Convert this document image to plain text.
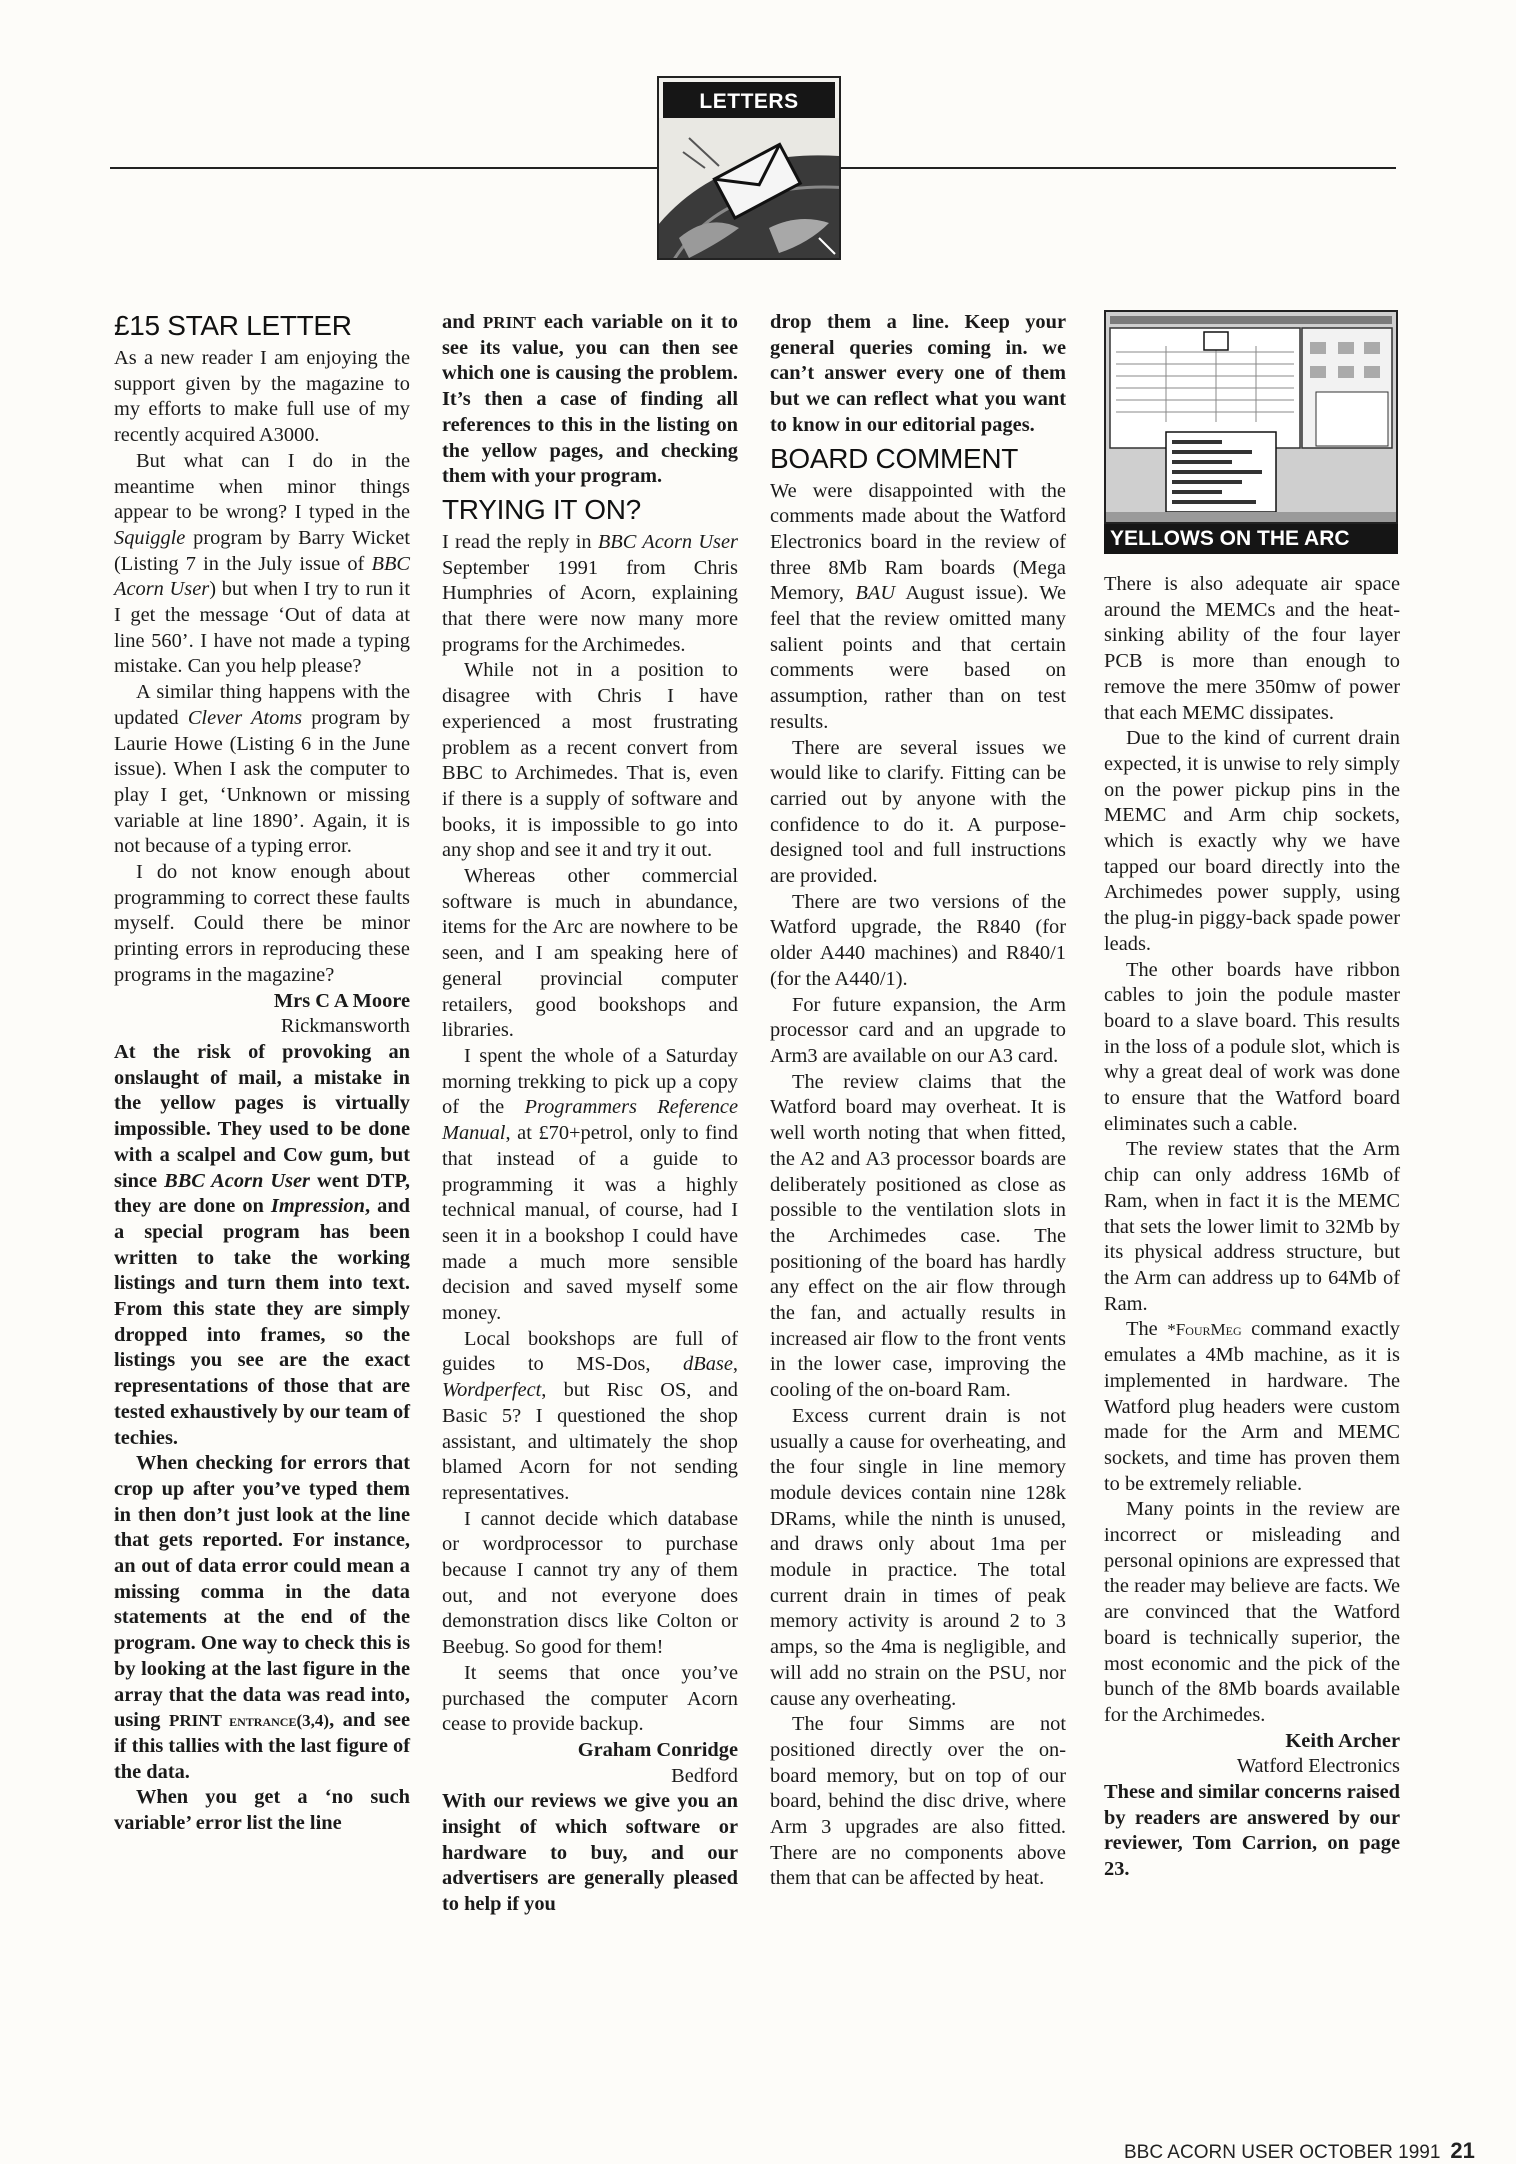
LETTERS
£15 STAR LETTER

As a new reader I am enjoying the support given by the magazine to my efforts to make full use of my recently acquired A3000.

But what can I do in the meantime when minor things appear to be wrong? I typed in the Squiggle program by Barry Wicket (Listing 7 in the July issue of BBC Acorn User) but when I try to run it I get the message ‘Out of data at line 560’. I have not made a typing mistake. Can you help please?

A similar thing happens with the updated Clever Atoms program by Laurie Howe (Listing 6 in the June issue). When I ask the computer to play I get, ‘Unknown or missing variable at line 1890’. Again, it is not because of a typing error.

I do not know enough about programming to correct these faults myself. Could there be minor printing errors in reproducing these programs in the magazine?

Mrs C A Moore

Rickmansworth

At the risk of provoking an onslaught of mail, a mistake in the yellow pages is virtually impossible. They used to be done with a scalpel and Cow gum, but since BBC Acorn User went DTP, they are done on Impression, and a special program has been written to take the working listings and turn them into text. From this state they are simply dropped into frames, so the listings you see are the exact representations of those that are tested exhaustively by our team of techies.

When checking for errors that crop up after you’ve typed them in then don’t just look at the line that gets reported. For instance, an out of data error could mean a missing comma in the data statements at the end of the program. One way to check this is by looking at the last figure in the array that the data was read into, using PRINT entrance(3,4), and see if this tallies with the last figure of the data.

When you get a ‘no such variable’ error list the line

and PRINT each variable on it to see its value, you can then see which one is causing the problem. It’s then a case of finding all references to this in the listing on the yellow pages, and checking them with your program.

TRYING IT ON?

I read the reply in BBC Acorn User September 1991 from Chris Humphries of Acorn, explaining that there were now many more programs for the Archimedes.

While not in a position to disagree with Chris I have experienced a most frustrating problem as a recent convert from BBC to Archimedes. That is, even if there is a supply of software and books, it is impossible to go into any shop and see it and try it out.

Whereas other commercial software is much in abundance, items for the Arc are nowhere to be seen, and I am speaking here of general provincial computer retailers, good bookshops and libraries.

I spent the whole of a Saturday morning trekking to pick up a copy of the Programmers Reference Manual, at £70+petrol, only to find that instead of a guide to programming it was a highly technical manual, of course, had I seen it in a bookshop I could have made a much more sensible decision and saved myself some money.

Local bookshops are full of guides to MS-Dos, dBase, Wordperfect, but Risc OS, and Basic 5? I questioned the shop assistant, and ultimately the shop blamed Acorn for not sending representatives.

I cannot decide which database or wordprocessor to purchase because I cannot try any of them out, and not everyone does demonstration discs like Colton or Beebug. So good for them!

It seems that once you’ve purchased the computer Acorn cease to provide backup.

Graham Conridge

Bedford

With our reviews we give you an insight of which software or hardware to buy, and our advertisers are generally pleased to help if you

drop them a line. Keep your general queries coming in. we can’t answer every one of them but we can reflect what you want to know in our editorial pages.

BOARD COMMENT

We were disappointed with the comments made about the Watford Electronics board in the review of three 8Mb Ram boards (Mega Memory, BAU August issue). We feel that the review omitted many salient points and that certain comments were based on assumption, rather than on test results.

There are several issues we would like to clarify. Fitting can be carried out by anyone with the confidence to do it. A purpose-designed tool and full instructions are provided.

There are two versions of the Watford upgrade, the R840 (for older A440 machines) and R840/1 (for the A440/1).

For future expansion, the Arm processor card and an upgrade to Arm3 are available on our A3 card.

The review claims that the Watford board may overheat. It is well worth noting that when fitted, the A2 and A3 processor boards are deliberately positioned as close as possible to the ventilation slots in the Archimedes case. The positioning of the board has hardly any effect on the air flow through the fan, and actually results in increased air flow to the front vents in the lower case, improving the cooling of the on-board Ram.

Excess current drain is not usually a cause for overheating, and the four single in line memory module devices contain nine 128k DRams, while the ninth is unused, and draws only about 1ma per module in practice. The total current drain in times of peak memory activity is around 2 to 3 amps, so the 4ma is negligible, and will add no strain on the PSU, nor cause any overheating.

The four Simms are not positioned directly over the on-board memory, but on top of our board, behind the disc drive, where Arm 3 upgrades are also fitted. There are no components above them that can be affected by heat.

YELLOWS ON THE ARC

There is also adequate air space around the MEMCs and the heat-sinking ability of the four layer PCB is more than enough to remove the mere 350mw of power that each MEMC dissipates.

Due to the kind of current drain expected, it is unwise to rely simply on the power pickup pins in the MEMC and Arm chip sockets, which is exactly why we have tapped our board directly into the Archimedes power supply, using the plug-in piggy-back spade power leads.

The other boards have ribbon cables to join the podule master board to a slave board. This results in the loss of a podule slot, which is why a great deal of work was done to ensure that the Watford board eliminates such a cable.

The review states that the Arm chip can only address 16Mb of Ram, when in fact it is the MEMC that sets the lower limit to 32Mb by its physical address structure, but the Arm can address up to 64Mb of Ram.

The *FourMeg command exactly emulates a 4Mb machine, as it is implemented in hardware. The Watford plug headers were custom made for the Arm and MEMC sockets, and time has proven them to be extremely reliable.

Many points in the review are incorrect or misleading and personal opinions are expressed that the reader may believe are facts. We are convinced that the Watford board is technically superior, the most economic and the pick of the bunch of the 8Mb boards available for the Archimedes.

Keith Archer

Watford Electronics

These and similar concerns raised by readers are answered by our reviewer, Tom Carrion, on page 23.

BBC ACORN USER OCTOBER 1991 21
